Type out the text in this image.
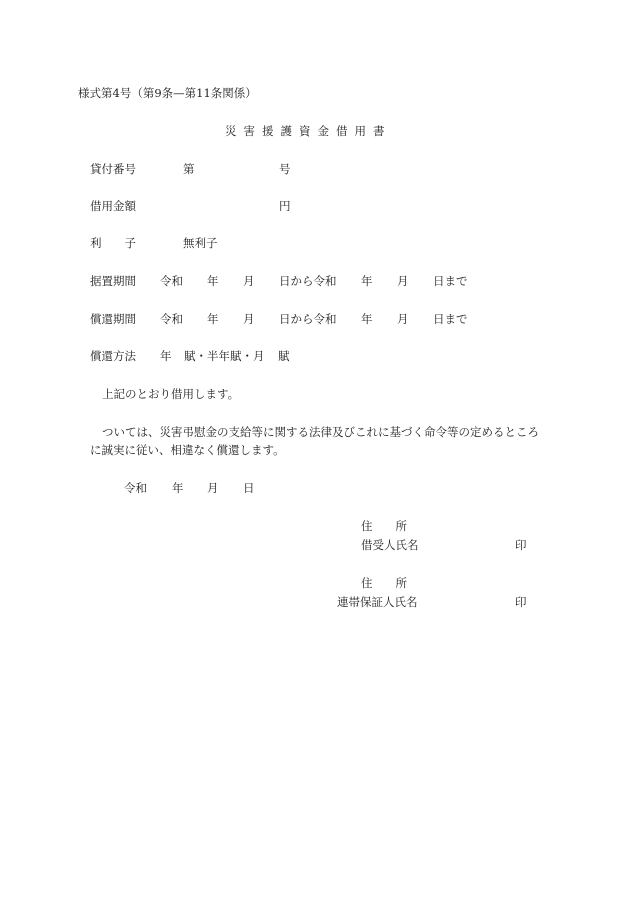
様式第4号（第9条—第11条関係）
災害援護資金借用書
貸付番号	第	号
借用金額	円
利　　子	無利子
据置期間 令和 年 月 日から令和 年 月 日まで
償還期間 令和 年 月 日から令和 年 月 日まで
償還方法 年 賦・半年賦・月 賦
上記のとおり借用します。
ついては、災害弔慰金の支給等に関する法律及びこれに基づく命令等の定めるところ
に誠実に従い、相違なく償還します。
令和 年 月 日
住　　所
借受人氏名	印
住　　所
連帯保証人氏名	印
